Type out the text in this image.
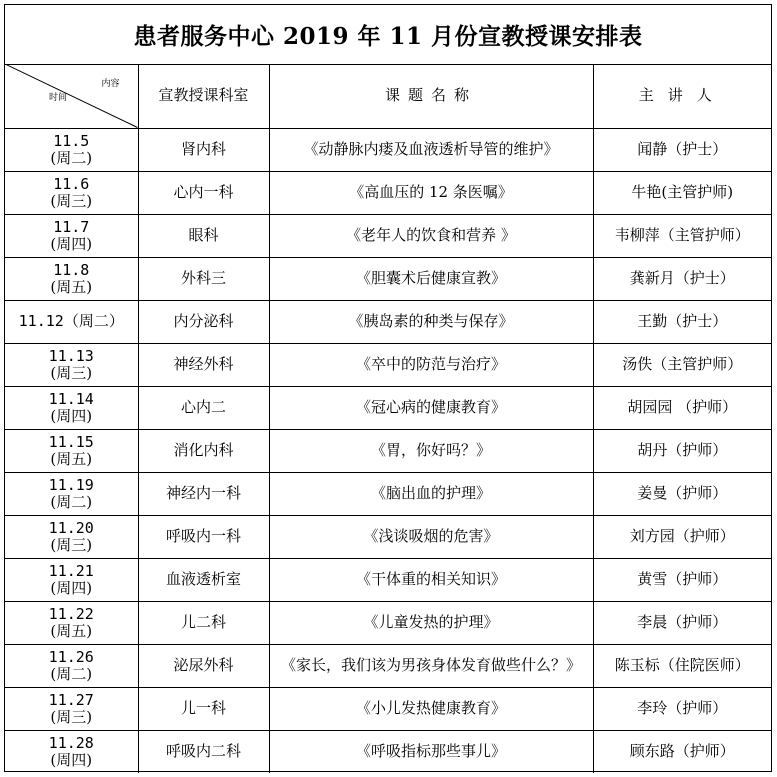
患者服务中心 2019 年 11 月份宣教授课安排表
内容
时间	宣教授课科室	课题名称	主讲人
11.5
(周二)	肾内科	《动静脉内瘘及血液透析导管的维护》	闻静（护士）
11.6
(周三)	心内一科	《高血压的 12 条医嘱》	牛艳(主管护师)
11.7
(周四)	眼科	《老年人的饮食和营养 》	韦柳萍（主管护师）
11.8
(周五)	外科三	《胆囊术后健康宣教》	龚新月（护士）
11.12（周二）	内分泌科	《胰岛素的种类与保存》	王勤（护士）
11.13
(周三)	神经外科	《卒中的防范与治疗》	汤佚（主管护师）
11.14
(周四)	心内二	《冠心病的健康教育》	胡园园 （护师）
11.15
(周五)	消化内科	《胃，你好吗？》	胡丹（护师）
11.19
(周二)	神经内一科	《脑出血的护理》	姜曼（护师）
11.20
(周三)	呼吸内一科	《浅谈吸烟的危害》	刘方园（护师）
11.21
(周四)	血液透析室	《干体重的相关知识》	黄雪（护师）
11.22
(周五)	儿二科	《儿童发热的护理》	李晨（护师）
11.26
(周二)	泌尿外科	《家长，我们该为男孩身体发育做些什么？》	陈玉标（住院医师）
11.27
(周三)	儿一科	《小儿发热健康教育》	李玲（护师）
11.28
(周四)	呼吸内二科	《呼吸指标那些事儿》	顾东路（护师）
